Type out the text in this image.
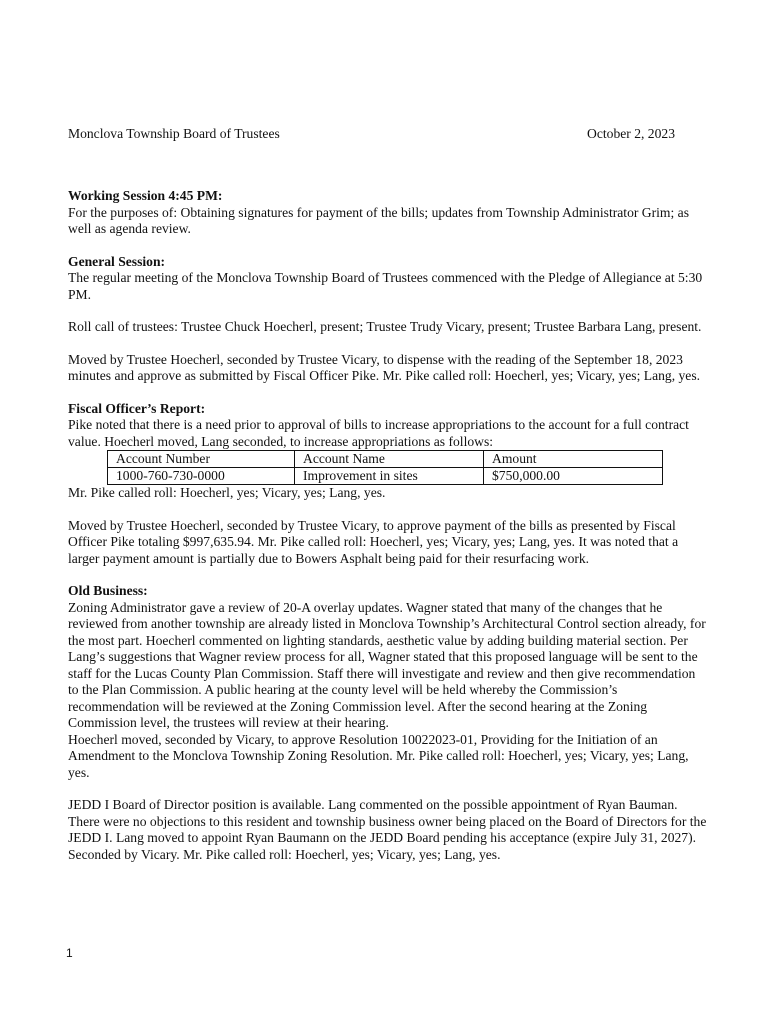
Monclova Township Board of Trustees	October 2, 2023

Working Session 4:45 PM:

For the purposes of: Obtaining signatures for payment of the bills; updates from Township Administrator Grim; as well as agenda review.

General Session:

The regular meeting of the Monclova Township Board of Trustees commenced with the Pledge of Allegiance at 5:30 PM.

Roll call of trustees: Trustee Chuck Hoecherl, present; Trustee Trudy Vicary, present; Trustee Barbara Lang, present.

Moved by Trustee Hoecherl, seconded by Trustee Vicary, to dispense with the reading of the September 18, 2023 minutes and approve as submitted by Fiscal Officer Pike. Mr. Pike called roll: Hoecherl, yes; Vicary, yes; Lang, yes.

Fiscal Officer’s Report:

Pike noted that there is a need prior to approval of bills to increase appropriations to the account for a full contract value. Hoecherl moved, Lang seconded, to increase appropriations as follows:

Account Number	Account Name	Amount
1000-760-730-0000	Improvement in sites	$750,000.00

Mr. Pike called roll: Hoecherl, yes; Vicary, yes; Lang, yes.

Moved by Trustee Hoecherl, seconded by Trustee Vicary, to approve payment of the bills as presented by Fiscal Officer Pike totaling $997,635.94. Mr. Pike called roll: Hoecherl, yes; Vicary, yes; Lang, yes. It was noted that a larger payment amount is partially due to Bowers Asphalt being paid for their resurfacing work.

Old Business:

Zoning Administrator gave a review of 20-A overlay updates. Wagner stated that many of the changes that he reviewed from another township are already listed in Monclova Township’s Architectural Control section already, for the most part. Hoecherl commented on lighting standards, aesthetic value by adding building material section. Per Lang’s suggestions that Wagner review process for all, Wagner stated that this proposed language will be sent to the staff for the Lucas County Plan Commission. Staff there will investigate and review and then give recommendation to the Plan Commission. A public hearing at the county level will be held whereby the Commission’s recommendation will be reviewed at the Zoning Commission level. After the second hearing at the Zoning Commission level, the trustees will review at their hearing.

Hoecherl moved, seconded by Vicary, to approve Resolution 10022023-01, Providing for the Initiation of an Amendment to the Monclova Township Zoning Resolution. Mr. Pike called roll: Hoecherl, yes; Vicary, yes; Lang, yes.

JEDD I Board of Director position is available. Lang commented on the possible appointment of Ryan Bauman. There were no objections to this resident and township business owner being placed on the Board of Directors for the JEDD I. Lang moved to appoint Ryan Baumann on the JEDD Board pending his acceptance (expire July 31, 2027). Seconded by Vicary. Mr. Pike called roll: Hoecherl, yes; Vicary, yes; Lang, yes.

1
